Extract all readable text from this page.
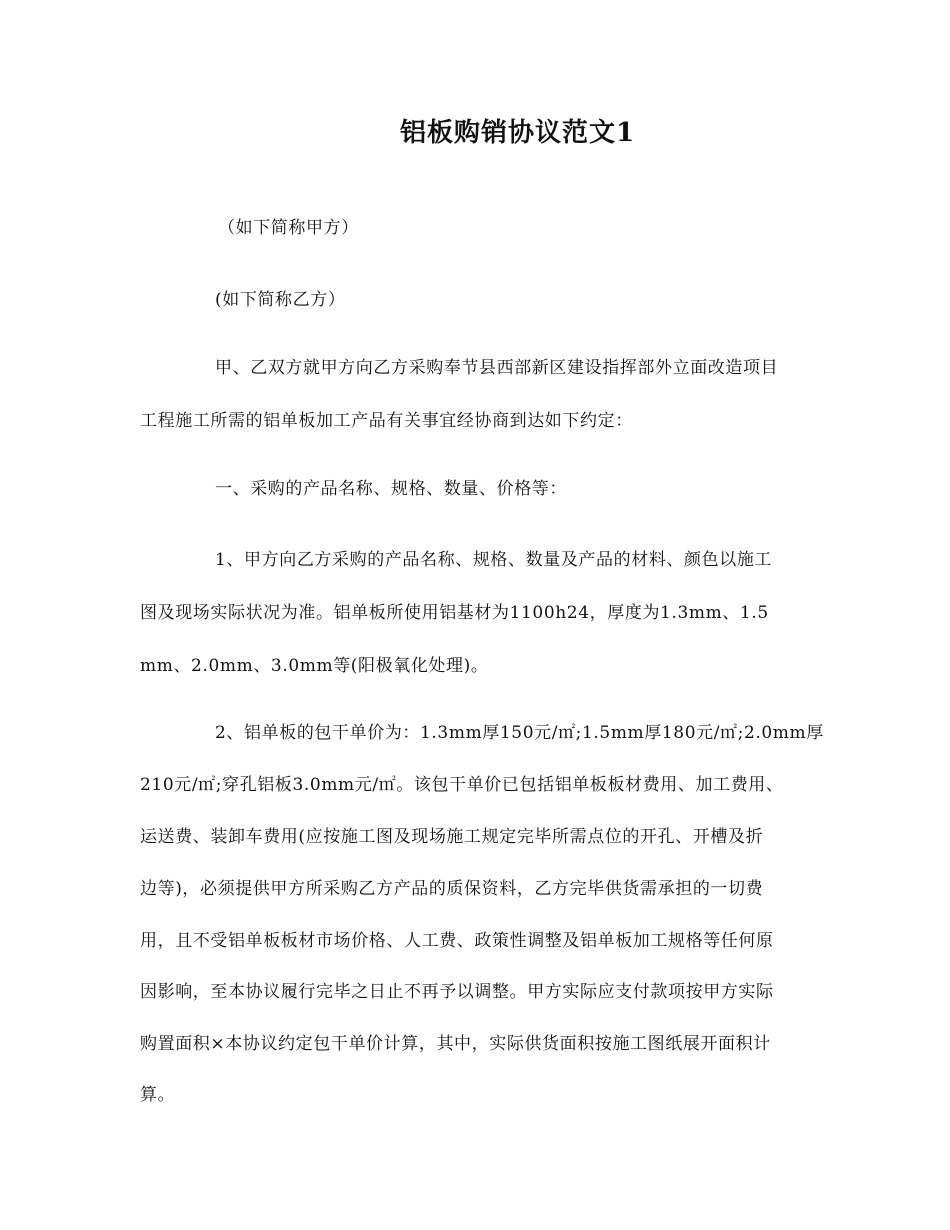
铝板购销协议范文1
（如下简称甲方）
(如下简称乙方）
甲、乙双方就甲方向乙方采购奉节县西部新区建设指挥部外立面改造项目
工程施工所需的铝单板加工产品有关事宜经协商到达如下约定：
一、采购的产品名称、规格、数量、价格等：
1、甲方向乙方采购的产品名称、规格、数量及产品的材料、颜色以施工
图及现场实际状况为准。铝单板所使用铝基材为1100h24，厚度为1.3mm、1.5
mm、2.0mm、3.0mm等(阳极氧化处理)。
2、铝单板的包干单价为：1.3mm厚150元/㎡;1.5mm厚180元/㎡;2.0mm厚
210元/㎡;穿孔铝板3.0mm元/㎡。该包干单价已包括铝单板板材费用、加工费用、
运送费、装卸车费用(应按施工图及现场施工规定完毕所需点位的开孔、开槽及折
边等)，必须提供甲方所采购乙方产品的质保资料，乙方完毕供货需承担的一切费
用，且不受铝单板板材市场价格、人工费、政策性调整及铝单板加工规格等任何原
因影响，至本协议履行完毕之日止不再予以调整。甲方实际应支付款项按甲方实际
购置面积×本协议约定包干单价计算，其中，实际供货面积按施工图纸展开面积计
算。
